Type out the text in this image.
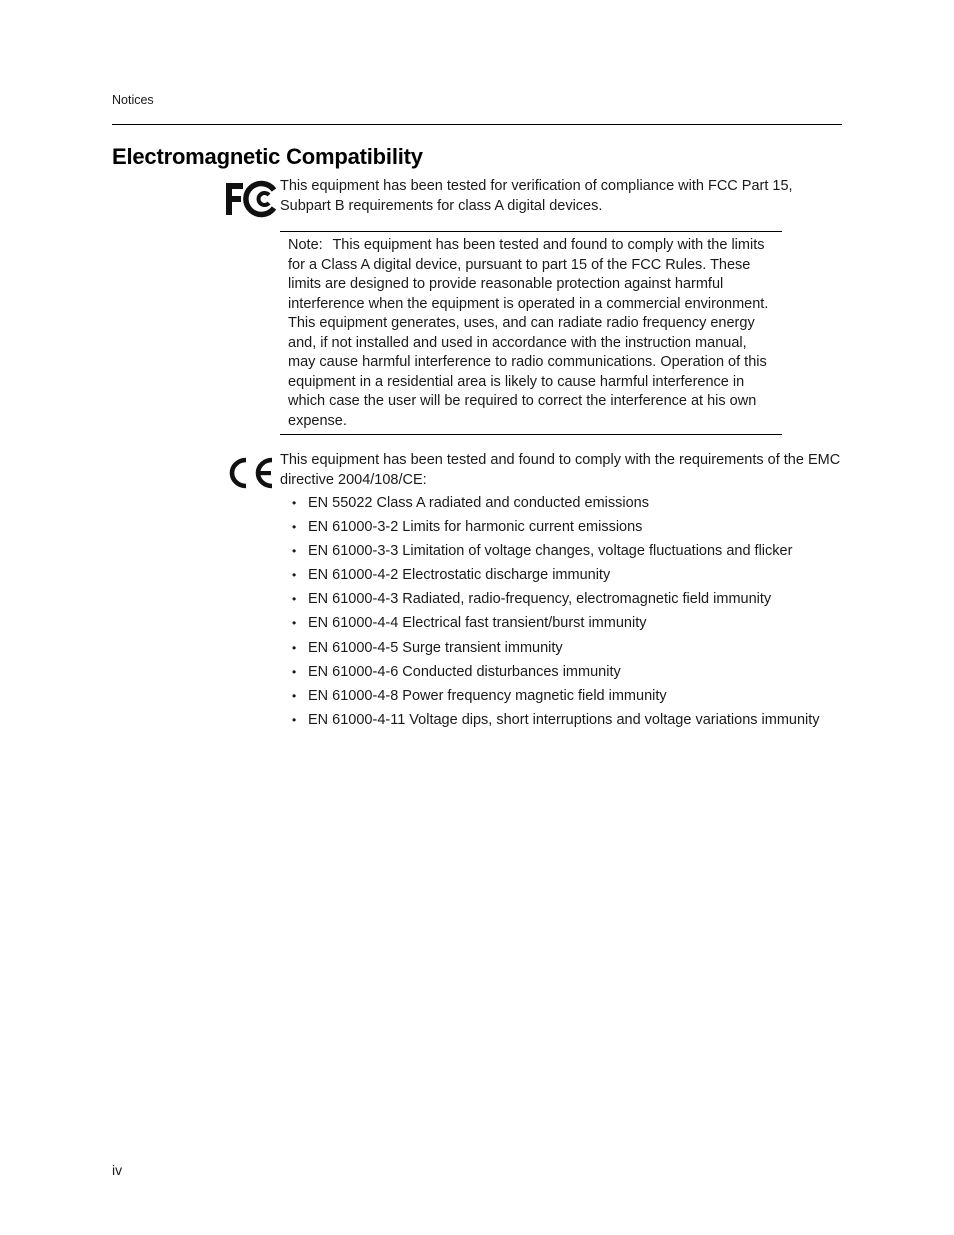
Notices
Electromagnetic Compatibility
This equipment has been tested for verification of compliance with FCC Part 15, Subpart B requirements for class A digital devices.
Note: This equipment has been tested and found to comply with the limits for a Class A digital device, pursuant to part 15 of the FCC Rules. These limits are designed to provide reasonable protection against harmful interference when the equipment is operated in a commercial environment. This equipment generates, uses, and can radiate radio frequency energy and, if not installed and used in accordance with the instruction manual, may cause harmful interference to radio communications. Operation of this equipment in a residential area is likely to cause harmful interference in which case the user will be required to correct the interference at his own expense.
This equipment has been tested and found to comply with the requirements of the EMC directive 2004/108/CE:
• EN 55022 Class A radiated and conducted emissions
• EN 61000-3-2 Limits for harmonic current emissions
• EN 61000-3-3 Limitation of voltage changes, voltage fluctuations and flicker
• EN 61000-4-2 Electrostatic discharge immunity
• EN 61000-4-3 Radiated, radio-frequency, electromagnetic field immunity
• EN 61000-4-4 Electrical fast transient/burst immunity
• EN 61000-4-5 Surge transient immunity
• EN 61000-4-6 Conducted disturbances immunity
• EN 61000-4-8 Power frequency magnetic field immunity
• EN 61000-4-11 Voltage dips, short interruptions and voltage variations immunity
iv
